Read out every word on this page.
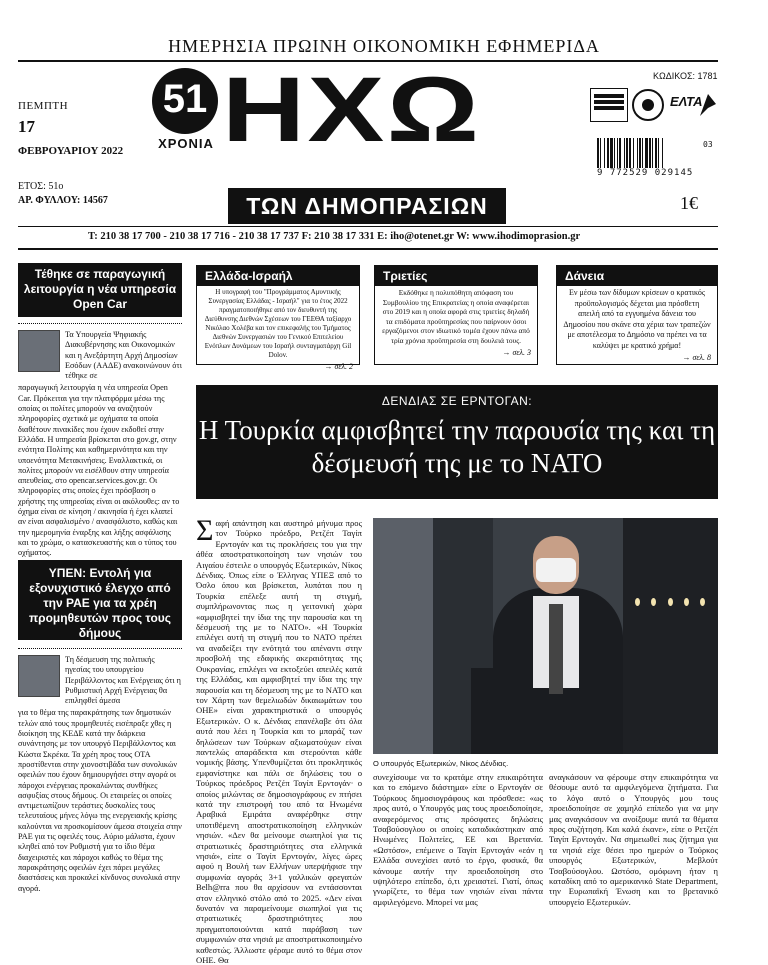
ΗΜΕΡΗΣΙΑ ΠΡΩΙΝΗ ΟΙΚΟΝΟΜΙΚΗ ΕΦΗΜΕΡΙΔΑ
ΠΕΜΠΤΗ
17
ΦΕΒΡΟΥΑΡΙΟΥ 2022
ΕΤΟΣ: 51ο
ΑΡ. ΦΥΛΛΟΥ: 14567
51
ΧΡΟΝΙΑ ΗΧΩ
ΤΩΝ ΔΗΜΟΠΡΑΣΙΩΝ
ΚΩΔΙΚΟΣ: 1781
ΕΛΤΑ
03
9 772529 029145
1€
T: 210 38 17 700 - 210 38 17 716 - 210 38 17 737 F: 210 38 17 331 E: iho@otenet.gr W: www.ihodimoprasion.gr
Τέθηκε σε παραγωγική λειτουργία η νέα υπηρεσία Open Car
Τα Υπουργεία Ψηφιακής Διακυβέρνησης και Οικονομικών και η Ανεξάρτητη Αρχή Δημοσίων Εσόδων (ΑΑΔΕ) ανακοινώνουν ότι τέθηκε σε
παραγωγική λειτουργία η νέα υπηρεσία Open Car. Πρόκειται για την πλατφόρμα μέσω της οποίας οι πολίτες μπορούν να αναζητούν πληροφορίες σχετικά με οχήματα τα οποία διαθέτουν πινακίδες που έχουν εκδοθεί στην Ελλάδα. Η υπηρεσία βρίσκεται στο gov.gr, στην ενότητα Πολίτης και καθημερινότητα και την υποενότητα Μετακινήσεις. Εναλλακτικά, οι πολίτες μπορούν να εισέλθουν στην υπηρεσία απευθείας, στο opencar.services.gov.gr. Οι πληροφορίες στις οποίες έχει πρόσβαση ο χρήστης της υπηρεσίας είναι οι ακόλουθες: αν το όχημα είναι σε κίνηση / ακινησία ή έχει κλαπεί αν είναι ασφαλισμένο / ανασφάλιστο, καθώς και την ημερομηνία έναρξης και λήξης ασφάλισης και το χρώμα, ο κατασκευαστής και ο τύπος του οχήματος.
ΥΠΕΝ: Εντολή για εξονυχιστικό έλεγχο από την ΡΑΕ για τα χρέη προμηθευτών προς τους δήμους
Τη δέσμευση της πολιτικής ηγεσίας του υπουργείου Περιβάλλοντος και Ενέργειας ότι η Ρυθμιστική Αρχή Ενέργειας θα επιληφθεί άμεσα
για το θέμα της παρακράτησης των δημοτικών τελών από τους προμηθευτές εισέπραξε χθες η διοίκηση της ΚΕΔΕ κατά την διάρκεια συνάντησης με τον υπουργό Περιβάλλοντος και Κώστα Σκρέκα. Τα χρέη προς τους ΟΤΑ προστίθενται στην χιονοστιβάδα των συνολικών οφειλών που έχουν δημιουργήσει στην αγορά οι πάροχοι ενέργειας προκαλώντας συνθήκες ασφυξίας στους δήμους. Οι εταιρείες οι οποίες αντιμετωπίζουν τεράστιες δυσκολίες τους τελευταίους μήνες λόγω της ενεργειακής κρίσης καλούνται να προσκομίσουν άμεσα στοιχεία στην ΡΑΕ για τις οφειλές τους. Αύριο μάλιστα, έχουν κληθεί από τον Ρυθμιστή για το ίδιο θέμα διαχειριστές και πάροχοι καθώς το θέμα της παρακράτησης οφειλών έχει πάρει μεγάλες διαστάσεις και προκαλεί κίνδυνος συνολικά στην αγορά.
Ελλάδα-Ισραήλ
Η υπογραφή του "Προγράμματος Αμυντικής Συνεργασίας Ελλάδας - Ισραήλ" για το έτος 2022 πραγματοποιήθηκε από τον διευθυντή της Διεύθυνσης Διεθνών Σχέσεων του ΓΕΕΘΑ ταξίαρχο Νικόλαο Χολέβα και τον επικεφαλής του Τμήματος Διεθνών Συνεργασιών του Γενικού Επιτελείου Ενόπλων Δυνάμεων του Ισραήλ συνταγματάρχη Gil Dolov.
→ σελ. 2
Τριετίες
Εκδόθηκε η πολυπόθητη απόφαση του Συμβουλίου της Επικρατείας η οποία αναφέρεται στο 2019 και η οποία αφορά στις τριετίες δηλαδή τα επιδόματα προϋπηρεσίας που παίρνουν όσοι εργαζόμενοι στον ιδιωτικό τομέα έχουν πάνω από τρία χρόνια προϋπηρεσία στη δουλειά τους.
→ σελ. 3
Δάνεια
Εν μέσω των δίδυμων κρίσεων ο κρατικός προϋπολογισμός δέχεται μια πρόσθετη απειλή από τα εγγυημένα δάνεια του Δημοσίου που σκάνε στα χέρια των τραπεζών με αποτέλεσμα το Δημόσιο να πρέπει να τα καλύψει με κρατικό χρήμα!
→ σελ. 8
ΔΕΝΔΙΑΣ ΣΕ ΕΡΝΤΟΓΑΝ:
Η Τουρκία αμφισβητεί την παρουσία της και τη δέσμευσή της με το ΝΑΤΟ
Σαφή απάντηση και αυστηρό μήνυμα προς τον Τούρκο πρόεδρο, Ρετζέπ Ταγίπ Ερντογάν και τις προκλήσεις του για την άθέα αποστρατικοποίηση των νησιών του Αιγαίου έστειλε ο υπουργός Εξωτερικών, Νίκος Δένδιας. Όπως είπε ο Έλληνας ΥΠΕΞ από το Όσλο όπου και βρίσκεται, λυπάται που η Τουρκία επέλεξε αυτή τη στιγμή, συμπλήρωνοντας πως η γειτονική χώρα «αμφισβητεί την ίδια της την παρουσία και τη δέσμευσή της με το ΝΑΤΟ». «Η Τουρκία επιλέγει αυτή τη στιγμή που το ΝΑΤΟ πρέπει να αναδείξει την ενότητά του απέναντι στην προσβολή της εδαφικής ακεραιότητας της Ουκρανίας, επιλέγει να εκτοξεύει απειλές κατά της Ελλάδας, και αμφισβητεί την ίδια της την παρουσία και τη δέσμευση της με το ΝΑΤΟ και τον Χάρτη των θεμελιωδών δικαιωμάτων του ΟΗΕ» είναι χαρακτηριστικά ο υπουργός Εξωτερικών. Ο κ. Δένδιας επανέλαβε ότι όλα αυτά που λέει η Τουρκία και το μπαράζ των δηλώσεων των Τούρκων αξιωματούχων είναι παντελώς απαράδεκτα και στερούνται κάθε νομικής βάσης. Υπενθυμίζεται ότι προκλητικός εμφανίστηκε και πάλι σε δηλώσεις του ο Τούρκος πρόεδρος Ρετζέπ Ταγίπ Ερντογάν· ο οποίος μιλώντας σε δημοσιογράφους εν πτήσει κατά την επιστροφή του από τα Ηνωμένα Αραβικά Εμιράτα αναφέρθηκε στην υποτιθέμενη αποστρατικοποίηση ελληνικών νησιών. «Δεν θα μείνουμε σιωπηλοί για τις στρατιωτικές δραστηριότητες στα ελληνικά νησιά», είπε ο Ταγίπ Ερντογάν, λίγες ώρες αφού η Βουλή των Ελλήνων υπερψήφισε την συμφωνία αγοράς 3+1 γαλλικών φρεγατών Belh@rra που θα αρχίσουν να εντάσσονται στον ελληνικό στόλο από το 2025. «Δεν είναι δυνατόν να παραμείνουμε σιωπηλοί για τις στρατιωτικές δραστηριότητες που πραγματοποιούνται κατά παράβαση των συμφωνιών στα νησιά με αποστρατικοποιημένο καθεστώς. Άλλωστε φέραμε αυτό το θέμα στον ΟΗΕ. Θα
Ο υπουργός Εξωτερικών, Νίκος Δένδιας.
συνεχίσουμε να το κρατάμε στην επικαιρότητα και το επόμενο διάστημα» είπε ο Ερντογάν σε Τούρκους δημοσιογράφους και πρόσθεσε: «ως προς αυτό, ο Υπουργός μας τους προειδοποίησε, αναφερόμενος στις πρόσφατες δηλώσεις Τσαβούσογλου οι οποίες καταδικάστηκαν από Ηνωμένες Πολιτείες, ΕΕ και Βρετανία. «Ωστόσο», επέμεινε ο Ταγίπ Ερντογάν «εάν η Ελλάδα συνεχίσει αυτό το έργο, φυσικά, θα κάνουμε αυτήν την προειδοποίηση στο υψηλότερο επίπεδο, ό,τι χρειαστεί. Γιατί, όπως γνωρίζετε, το θέμα των νησιών είναι πάντα αμφιλεγόμενο. Μπορεί να μας
αναγκάσουν να φέρουμε στην επικαιρότητα να θέσουμε αυτό τα αμφιλεγόμενα ζητήματα. Για το λόγο αυτό ο Υπουργός μου τους προειδοποίησε σε χαμηλό επίπεδο για να μην μας αναγκάσουν να ανοίξουμε αυτά τα θέματα προς συζήτηση. Και καλά έκανε», είπε ο Ρετζέπ Ταγίπ Ερντογάν. Να σημειωθεί πως ζήτημα για τα νησιά είχε θέσει προ ημερών ο Τούρκος υπουργός Εξωτερικών, Μεβλούτ Τσαβούσογλου. Ωστόσο, ομόφωνη ήταν η καταδίκη από το αμερικανικό State Department, την Ευρωπαϊκή Ένωση και το βρετανικό υπουργείο Εξωτερικών.
